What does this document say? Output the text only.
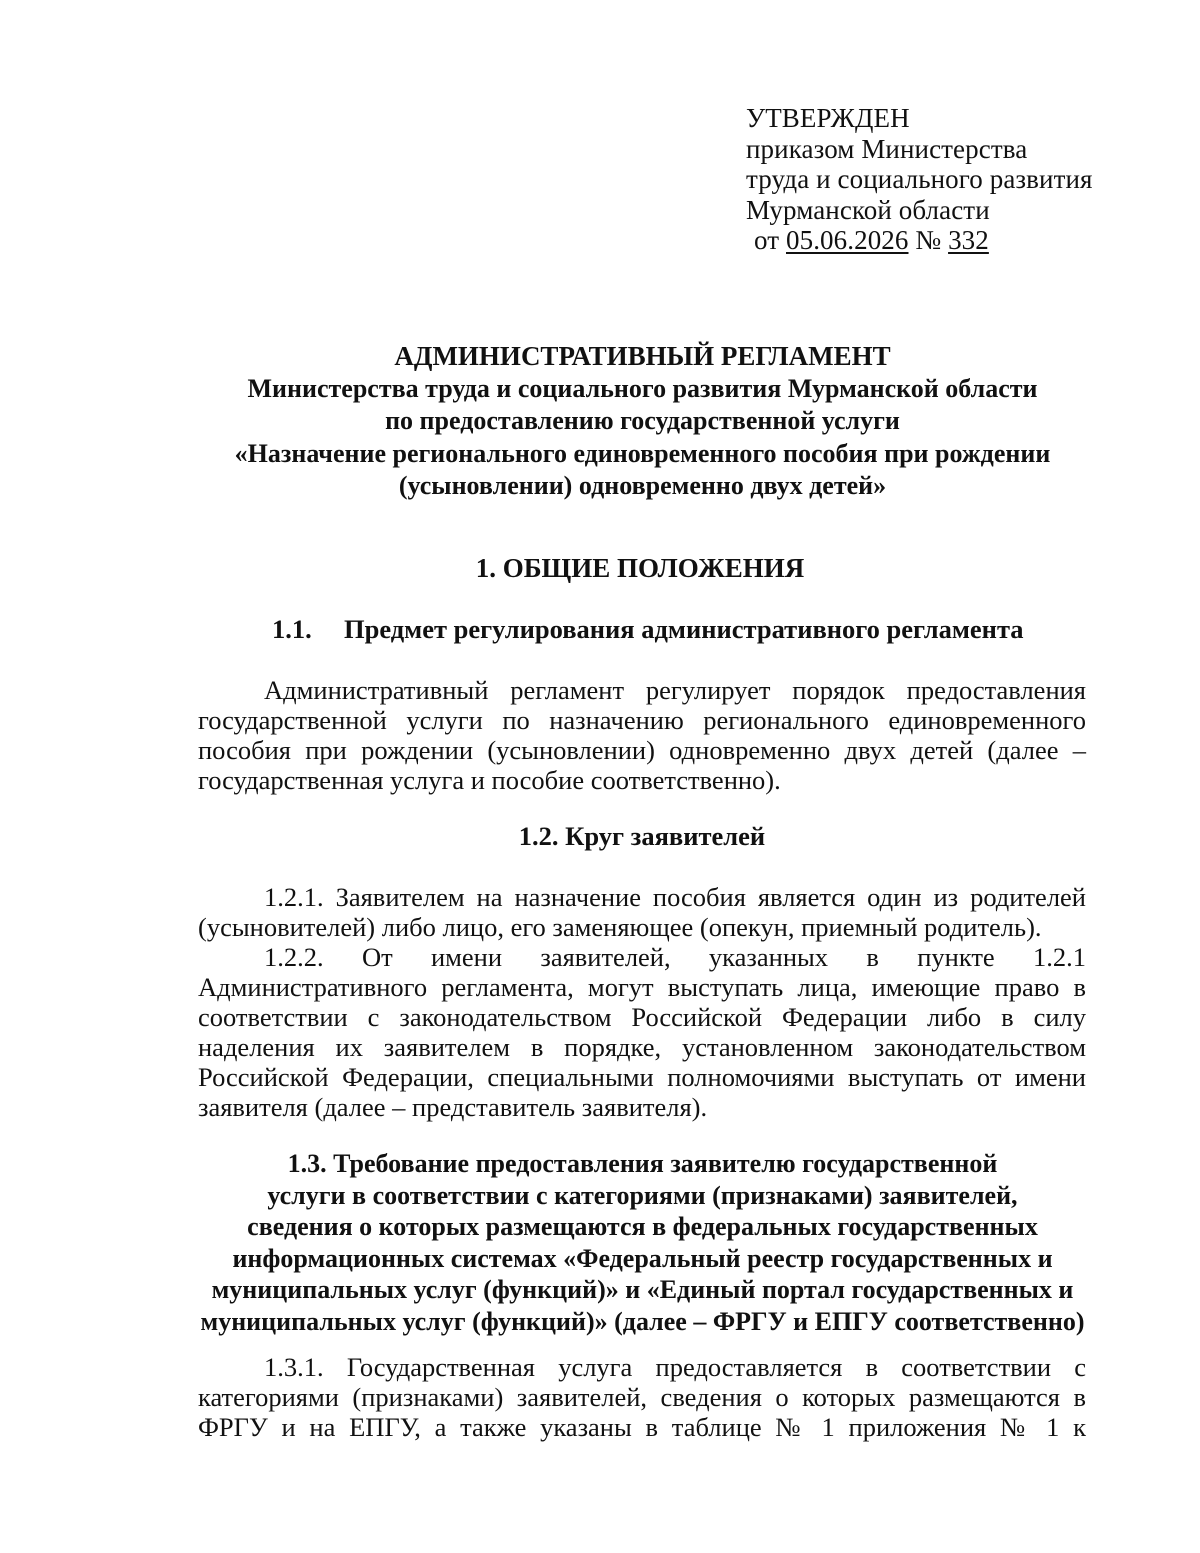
УТВЕРЖДЕН
приказом Министерства
труда и социального развития
Мурманской области
от 05.06.2026 № 332
АДМИНИСТРАТИВНЫЙ РЕГЛАМЕНТ
Министерства труда и социального развития Мурманской области
по предоставлению государственной услуги
«Назначение регионального единовременного пособия при рождении
(усыновлении) одновременно двух детей»
1. ОБЩИЕ ПОЛОЖЕНИЯ
1.1. Предмет регулирования административного регламента
Административный регламент регулирует порядок предоставления государственной услуги по назначению регионального единовременного пособия при рождении (усыновлении) одновременно двух детей (далее – государственная услуга и пособие соответственно).
1.2. Круг заявителей
1.2.1. Заявителем на назначение пособия является один из родителей (усыновителей) либо лицо, его заменяющее (опекун, приемный родитель).
1.2.2. От имени заявителей, указанных в пункте 1.2.1 Административного регламента, могут выступать лица, имеющие право в соответствии с законодательством Российской Федерации либо в силу наделения их заявителем в порядке, установленном законодательством Российской Федерации, специальными полномочиями выступать от имени заявителя (далее – представитель заявителя).
1.3. Требование предоставления заявителю государственной
услуги в соответствии с категориями (признаками) заявителей,
сведения о которых размещаются в федеральных государственных
информационных системах «Федеральный реестр государственных и
муниципальных услуг (функций)» и «Единый портал государственных и
муниципальных услуг (функций)» (далее – ФРГУ и ЕПГУ соответственно)
1.3.1. Государственная услуга предоставляется в соответствии с категориями (признаками) заявителей, сведения о которых размещаются в ФРГУ и на ЕПГУ, а также указаны в таблице № 1 приложения № 1 к
